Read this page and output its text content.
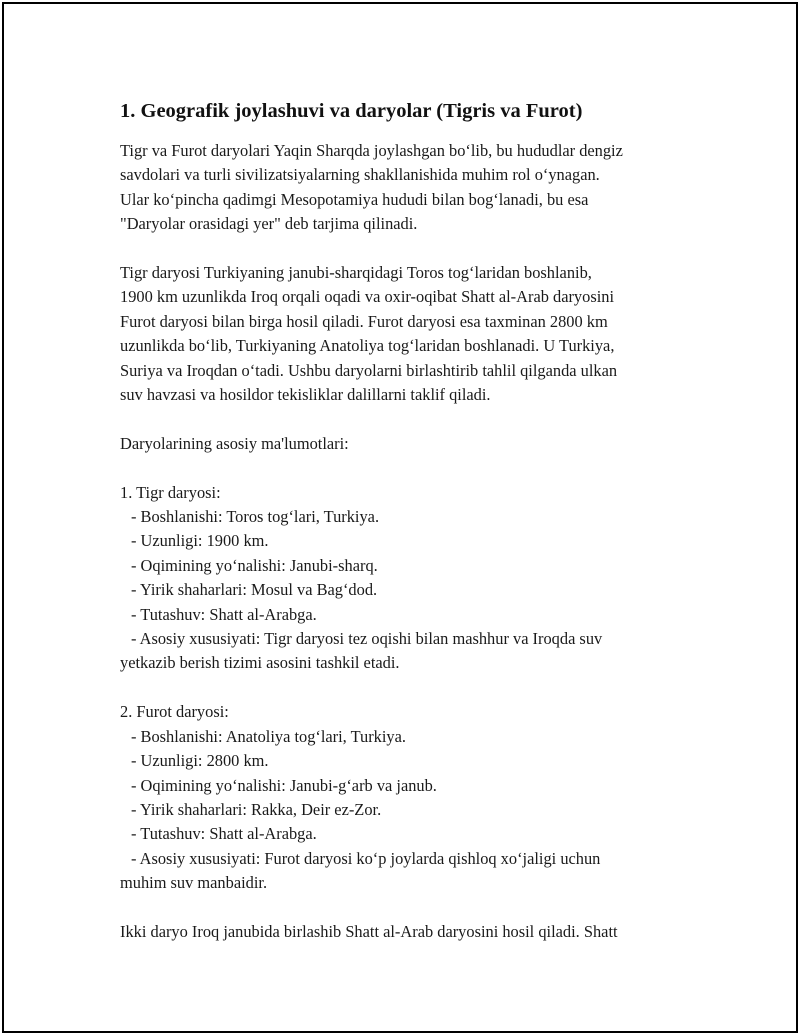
1. Geografik joylashuvi va daryolar (Tigris va Furot)

Tigr va Furot daryolari Yaqin Sharqda joylashgan bo‘lib, bu hududlar dengiz
savdolari va turli sivilizatsiyalarning shakllanishida muhim rol o‘ynagan.
Ular ko‘pincha qadimgi Mesopotamiya hududi bilan bog‘lanadi, bu esa
"Daryolar orasidagi yer" deb tarjima qilinadi.

Tigr daryosi Turkiyaning janubi-sharqidagi Toros tog‘laridan boshlanib,
1900 km uzunlikda Iroq orqali oqadi va oxir-oqibat Shatt al-Arab daryosini
Furot daryosi bilan birga hosil qiladi. Furot daryosi esa taxminan 2800 km
uzunlikda bo‘lib, Turkiyaning Anatoliya tog‘laridan boshlanadi. U Turkiya,
Suriya va Iroqdan o‘tadi. Ushbu daryolarni birlashtirib tahlil qilganda ulkan
suv havzasi va hosildor tekisliklar dalillarni taklif qiladi.

Daryolarining asosiy ma'lumotlari:

1. Tigr daryosi:
- Boshlanishi: Toros tog‘lari, Turkiya.
- Uzunligi: 1900 km.
- Oqimining yo‘nalishi: Janubi-sharq.
- Yirik shaharlari: Mosul va Bag‘dod.
- Tutashuv: Shatt al-Arabga.
- Asosiy xususiyati: Tigr daryosi tez oqishi bilan mashhur va Iroqda suv
yetkazib berish tizimi asosini tashkil etadi.
2. Furot daryosi:
- Boshlanishi: Anatoliya tog‘lari, Turkiya.
- Uzunligi: 2800 km.
- Oqimining yo‘nalishi: Janubi-g‘arb va janub.
- Yirik shaharlari: Rakka, Deir ez-Zor.
- Tutashuv: Shatt al-Arabga.
- Asosiy xususiyati: Furot daryosi ko‘p joylarda qishloq xo‘jaligi uchun
muhim suv manbaidir.

Ikki daryo Iroq janubida birlashib Shatt al-Arab daryosini hosil qiladi. Shatt
